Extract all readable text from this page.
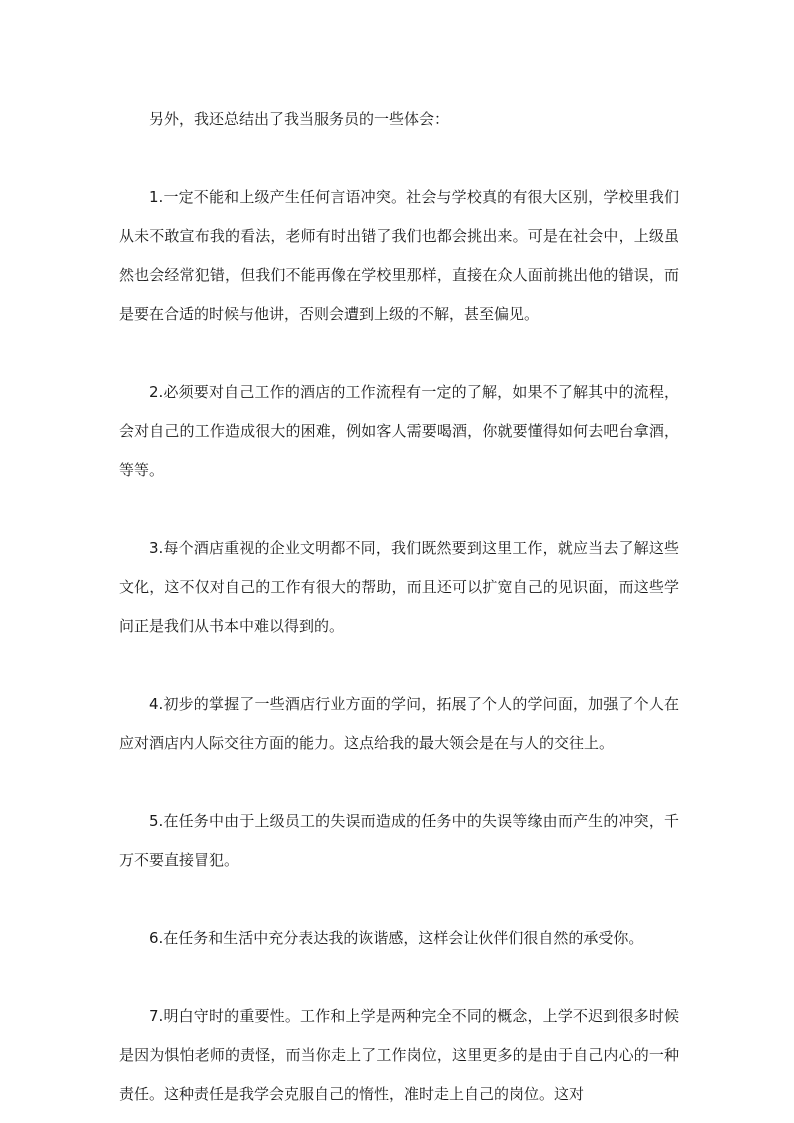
另外，我还总结出了我当服务员的一些体会：

1.一定不能和上级产生任何言语冲突。社会与学校真的有很大区别，学校里我们从未不敢宣布我的看法，老师有时出错了我们也都会挑出来。可是在社会中，上级虽然也会经常犯错，但我们不能再像在学校里那样，直接在众人面前挑出他的错误，而是要在合适的时候与他讲，否则会遭到上级的不解，甚至偏见。

2.必须要对自己工作的酒店的工作流程有一定的了解，如果不了解其中的流程，会对自己的工作造成很大的困难，例如客人需要喝酒，你就要懂得如何去吧台拿酒，等等。

3.每个酒店重视的企业文明都不同，我们既然要到这里工作，就应当去了解这些文化，这不仅对自己的工作有很大的帮助，而且还可以扩宽自己的见识面，而这些学问正是我们从书本中难以得到的。

4.初步的掌握了一些酒店行业方面的学问，拓展了个人的学问面，加强了个人在应对酒店内人际交往方面的能力。这点给我的最大领会是在与人的交往上。

5.在任务中由于上级员工的失误而造成的任务中的失误等缘由而产生的冲突，千万不要直接冒犯。

6.在任务和生活中充分表达我的诙谐感，这样会让伙伴们很自然的承受你。

7.明白守时的重要性。工作和上学是两种完全不同的概念，上学不迟到很多时候是因为惧怕老师的责怪，而当你走上了工作岗位，这里更多的是由于自己内心的一种责任。这种责任是我学会克服自己的惰性，准时走上自己的岗位。这对
